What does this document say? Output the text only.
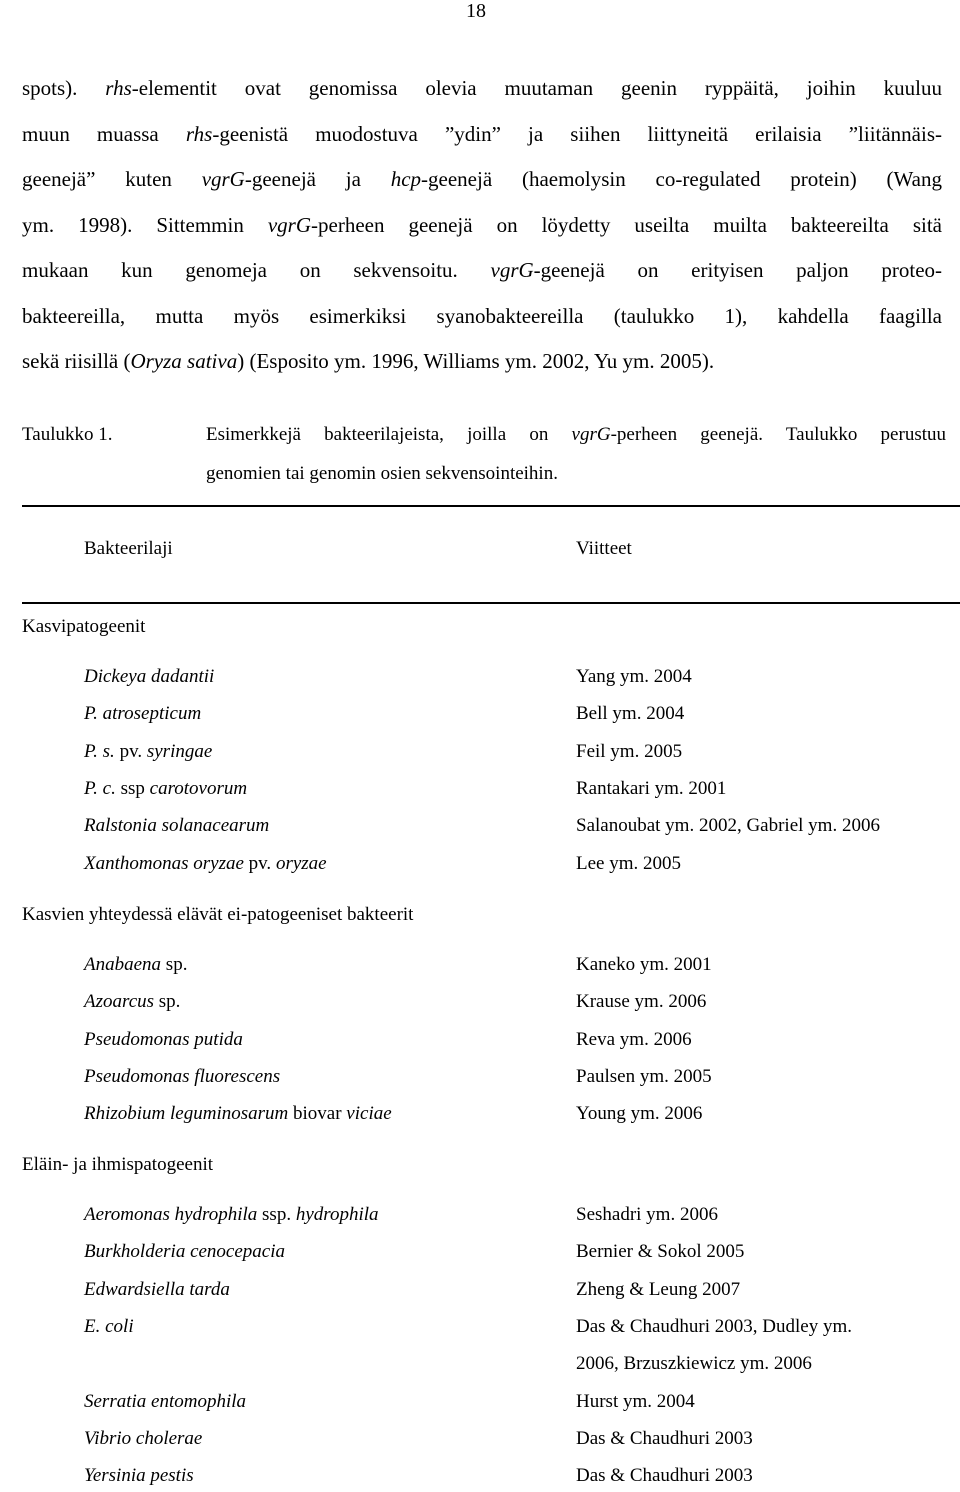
18
spots). rhs-elementit ovat genomissa olevia muutaman geenin ryppäitä, joihin kuuluu
muun muassa rhs-geenistä muodostuva ”ydin” ja siihen liittyneitä erilaisia ”liitännäis-
geenejä” kuten vgrG-geenejä ja hcp-geenejä (haemolysin co-regulated protein) (Wang
ym. 1998). Sittemmin vgrG-perheen geenejä on löydetty useilta muilta bakteereilta sitä
mukaan kun genomeja on sekvensoitu. vgrG-geenejä on erityisen paljon proteo-
bakteereilla, mutta myös esimerkiksi syanobakteereilla (taulukko 1), kahdella faagilla
sekä riisillä (Oryza sativa) (Esposito ym. 1996, Williams ym. 2002, Yu ym. 2005).
Taulukko 1.	Esimerkkejä bakteerilajeista, joilla on vgrG-perheen geenejä. Taulukko perustuu
genomien tai genomin osien sekvensointeihin.
Bakteerilaji	Viitteet
Kasvipatogeenit
Dickeya dadantii	Yang ym. 2004
P. atrosepticum	Bell ym. 2004
P. s. pv. syringae	Feil ym. 2005
P. c. ssp carotovorum	Rantakari ym. 2001
Ralstonia solanacearum	Salanoubat ym. 2002, Gabriel ym. 2006
Xanthomonas oryzae pv. oryzae	Lee ym. 2005
Kasvien yhteydessä elävät ei-patogeeniset bakteerit
Anabaena sp.	Kaneko ym. 2001
Azoarcus sp.	Krause ym. 2006
Pseudomonas putida	Reva ym. 2006
Pseudomonas fluorescens	Paulsen ym. 2005
Rhizobium leguminosarum biovar viciae	Young ym. 2006
Eläin- ja ihmispatogeenit
Aeromonas hydrophila ssp. hydrophila	Seshadri ym. 2006
Burkholderia cenocepacia	Bernier & Sokol 2005
Edwardsiella tarda	Zheng & Leung 2007
E. coli	Das & Chaudhuri 2003, Dudley ym.
2006, Brzuszkiewicz ym. 2006
Serratia entomophila	Hurst ym. 2004
Vibrio cholerae	Das & Chaudhuri 2003
Yersinia pestis	Das & Chaudhuri 2003
